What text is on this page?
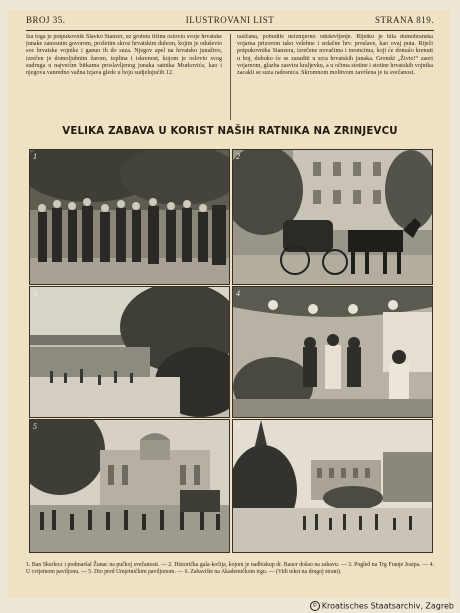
BROJ 35.	ILUSTROVANI LIST	STRANA 819.
Iza toga je potpukovnik Slavko Stanzer, uz grobnu tišinu oslovio svoje hrvatske junake zanosnim govorom, prožetim skroz hrvatskim duhom, kojim je oduševio sve hrvatske vojnike i ganuo ih do suza. Njegov apel na hrvatsko junaštvo, izrečen je domoljubnim žarom, toplina i iskrenost, kojom je oslovio svog sudruga u najvećim bitkama proslavljenog junaka satnika Murkovića, kao i njegova vanredno važna izjava glede u boju sudjelujućih 12.
raslčana, pobudile neizmjerno oduševljenje. Rijetko je bila domobranska vojarna prizorom tako velebne i srdačne hrv. proslave, kao ovaj puta. Riječi potpukovnika Stanzera, izrečene novačima i momcima, koji će domalo krenuti u boj, duboko će se zasaditi u srca hrvatskih junaka. Gromki „Živio!“ zaori vojarnom, glazba zasvira kraljevku, a u očima stotine i stotine hrvatskih vojnika zacakli se suza radosnica. Skromnom molitvom završena je ta svečanost.
VELIKA ZABAVA U KORIST NAŠIH RATNIKA NA ZRINJEVCU
1	2
3	4
5	6
1. Ban Skerlecz i podmaršal Žunac na pučkoj svečanosti. — 2. Historička gala-kočija, kojom je nadbiskup dr. Bauer došao na zabavu. — 3. Pogled na Trg Franje Josipa. — 4. U cvijetnom paviljonu. — 5. Dio pred Umjetničkim paviljonom. — 6. Zabavište na Akademičkom trgu. — (Vidi tekst na drugoj strani).
© Kroatisches Staatsarchiv, Zagreb
